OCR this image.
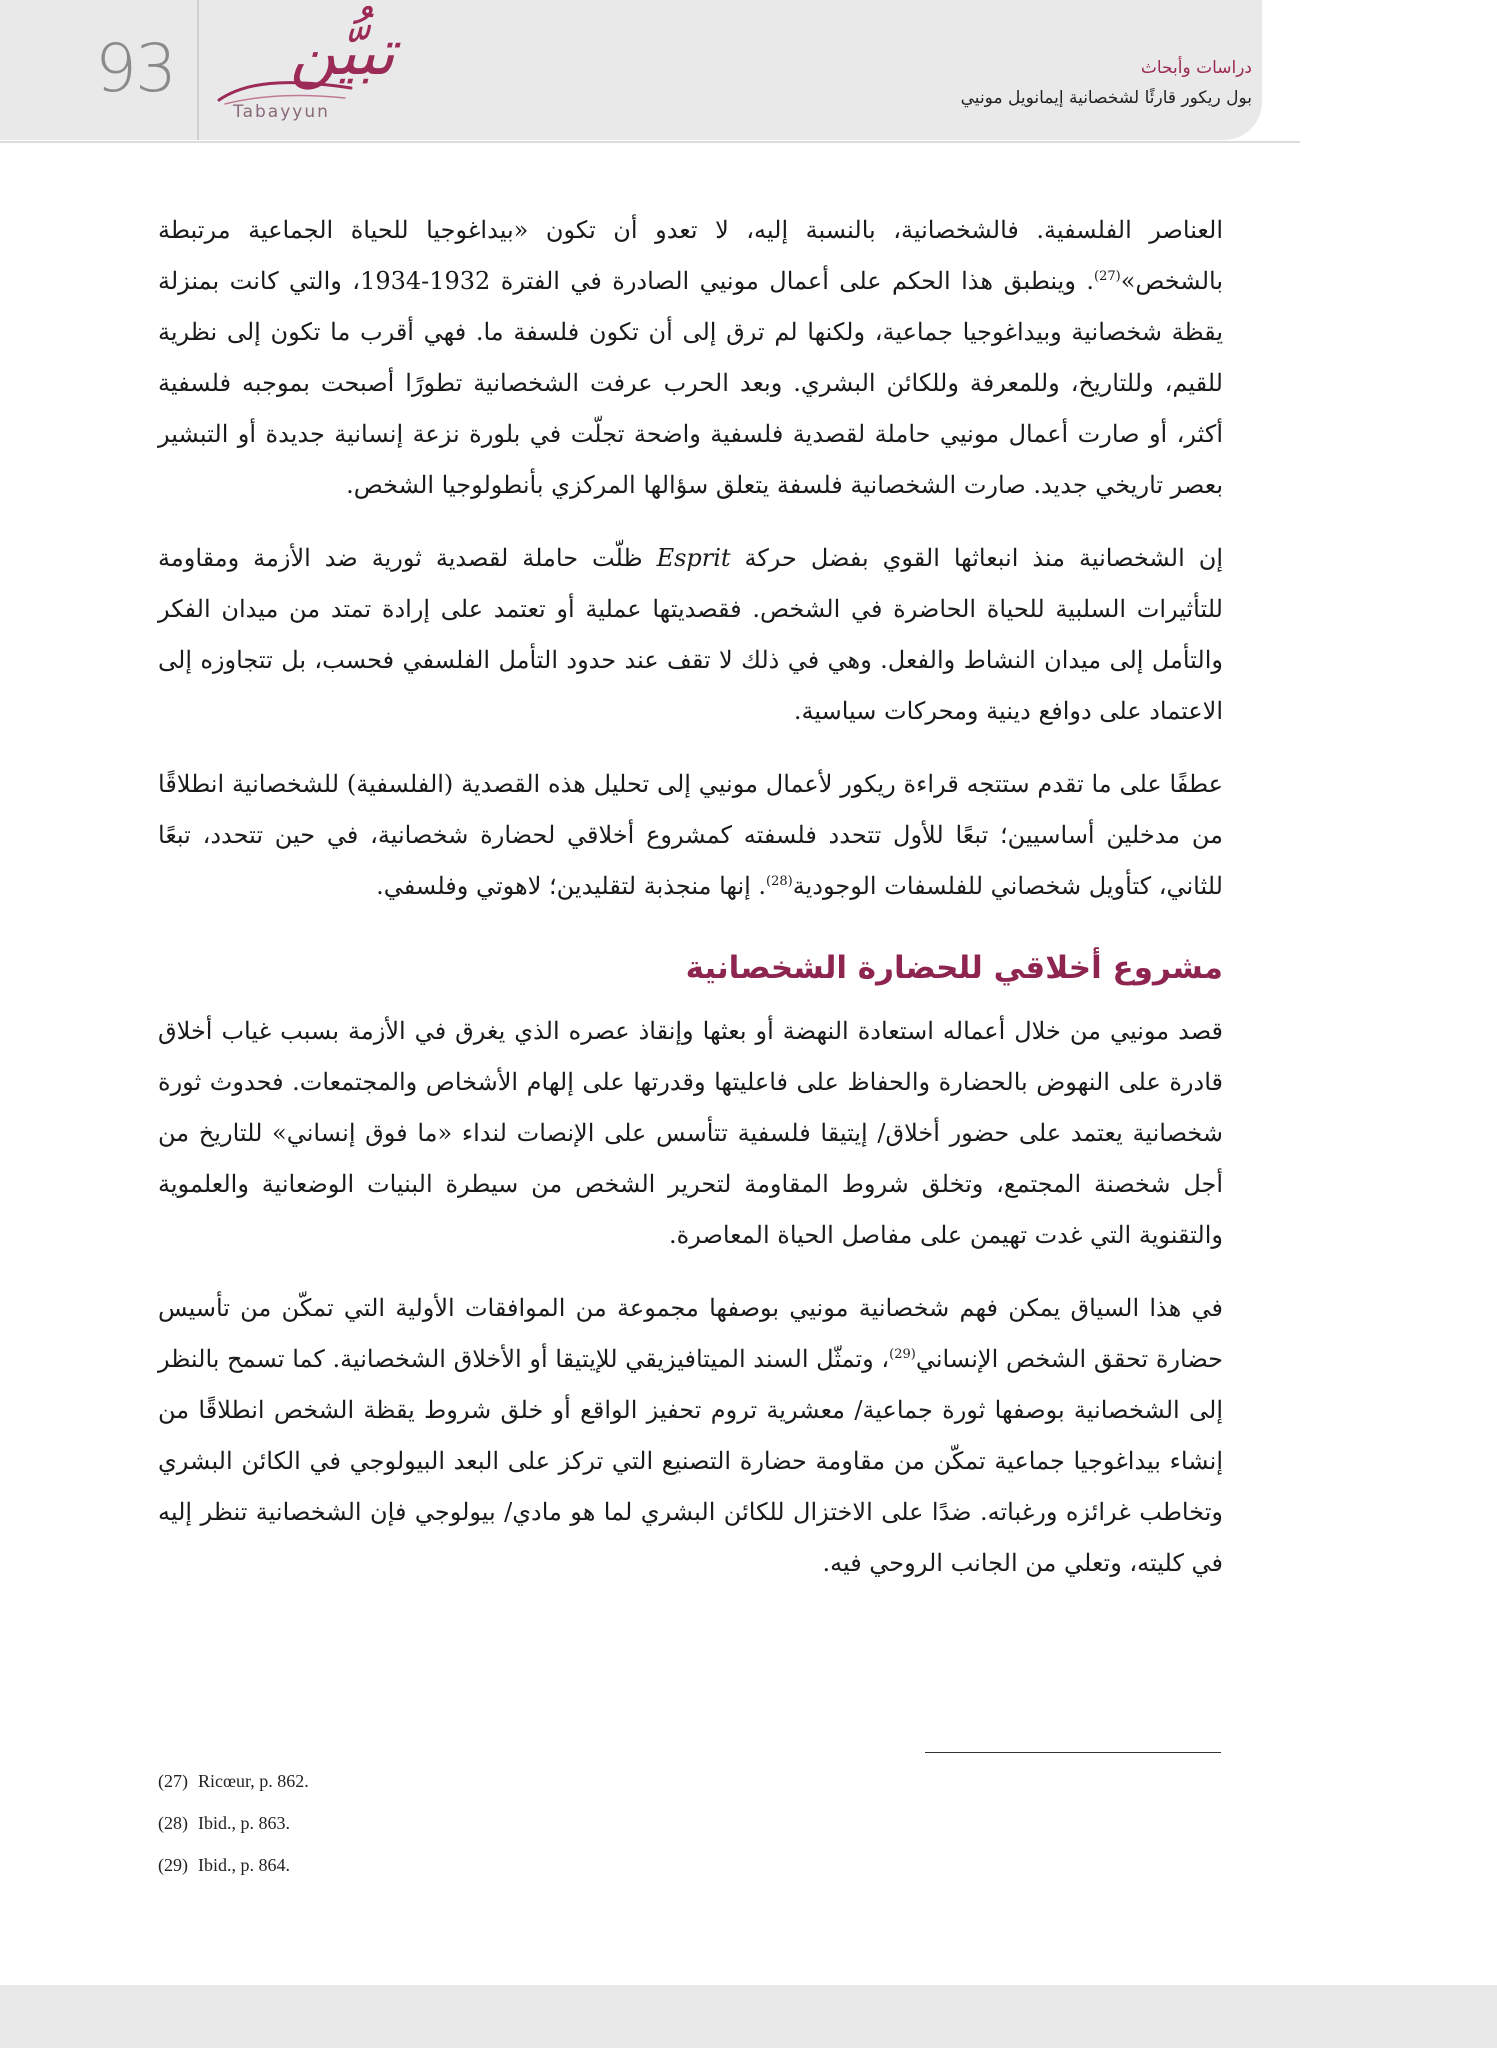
93 تبيُّن
Tabayyun
دراسات وأبحاث
بول ريكور قارئًا لشخصانية إيمانويل مونيي

العناصر الفلسفية. فالشخصانية، بالنسبة إليه، لا تعدو أن تكون «بيداغوجيا للحياة الجماعية مرتبطة بالشخص»$^{(27)}$. وينطبق هذا الحكم على أعمال مونيي الصادرة في الفترة 1932-1934، والتي كانت بمنزلة يقظة شخصانية وبيداغوجيا جماعية، ولكنها لم ترق إلى أن تكون فلسفة ما. فهي أقرب ما تكون إلى نظرية للقيم، وللتاريخ، وللمعرفة وللكائن البشري. وبعد الحرب عرفت الشخصانية تطورًا أصبحت بموجبه فلسفية أكثر، أو صارت أعمال مونيي حاملة لقصدية فلسفية واضحة تجلّت في بلورة نزعة إنسانية جديدة أو التبشير بعصر تاريخي جديد. صارت الشخصانية فلسفة يتعلق سؤالها المركزي بأنطولوجيا الشخص.

إن الشخصانية منذ انبعاثها القوي بفضل حركة Esprit ظلّت حاملة لقصدية ثورية ضد الأزمة ومقاومة للتأثيرات السلبية للحياة الحاضرة في الشخص. فقصديتها عملية أو تعتمد على إرادة تمتد من ميدان الفكر والتأمل إلى ميدان النشاط والفعل. وهي في ذلك لا تقف عند حدود التأمل الفلسفي فحسب، بل تتجاوزه إلى الاعتماد على دوافع دينية ومحركات سياسية.

عطفًا على ما تقدم ستتجه قراءة ريكور لأعمال مونيي إلى تحليل هذه القصدية (الفلسفية) للشخصانية انطلاقًا من مدخلين أساسيين؛ تبعًا للأول تتحدد فلسفته كمشروع أخلاقي لحضارة شخصانية، في حين تتحدد، تبعًا للثاني، كتأويل شخصاني للفلسفات الوجودية$^{(28)}$. إنها منجذبة لتقليدين؛ لاهوتي وفلسفي.

مشروع أخلاقي للحضارة الشخصانية

قصد مونيي من خلال أعماله استعادة النهضة أو بعثها وإنقاذ عصره الذي يغرق في الأزمة بسبب غياب أخلاق قادرة على النهوض بالحضارة والحفاظ على فاعليتها وقدرتها على إلهام الأشخاص والمجتمعات. فحدوث ثورة شخصانية يعتمد على حضور أخلاق/ إيتيقا فلسفية تتأسس على الإنصات لنداء «ما فوق إنساني» للتاريخ من أجل شخصنة المجتمع، وتخلق شروط المقاومة لتحرير الشخص من سيطرة البنيات الوضعانية والعلموية والتقنوية التي غدت تهيمن على مفاصل الحياة المعاصرة.

في هذا السياق يمكن فهم شخصانية مونيي بوصفها مجموعة من الموافقات الأولية التي تمكّن من تأسيس حضارة تحقق الشخص الإنساني$^{(29)}$، وتمثّل السند الميتافيزيقي للإيتيقا أو الأخلاق الشخصانية. كما تسمح بالنظر إلى الشخصانية بوصفها ثورة جماعية/ معشرية تروم تحفيز الواقع أو خلق شروط يقظة الشخص انطلاقًا من إنشاء بيداغوجيا جماعية تمكّن من مقاومة حضارة التصنيع التي تركز على البعد البيولوجي في الكائن البشري وتخاطب غرائزه ورغباته. ضدًا على الاختزال للكائن البشري لما هو مادي/ بيولوجي فإن الشخصانية تنظر إليه في كليته، وتعلي من الجانب الروحي فيه.

(27) Ricœur, p. 862.

(28) Ibid., p. 863.

(29) Ibid., p. 864.
